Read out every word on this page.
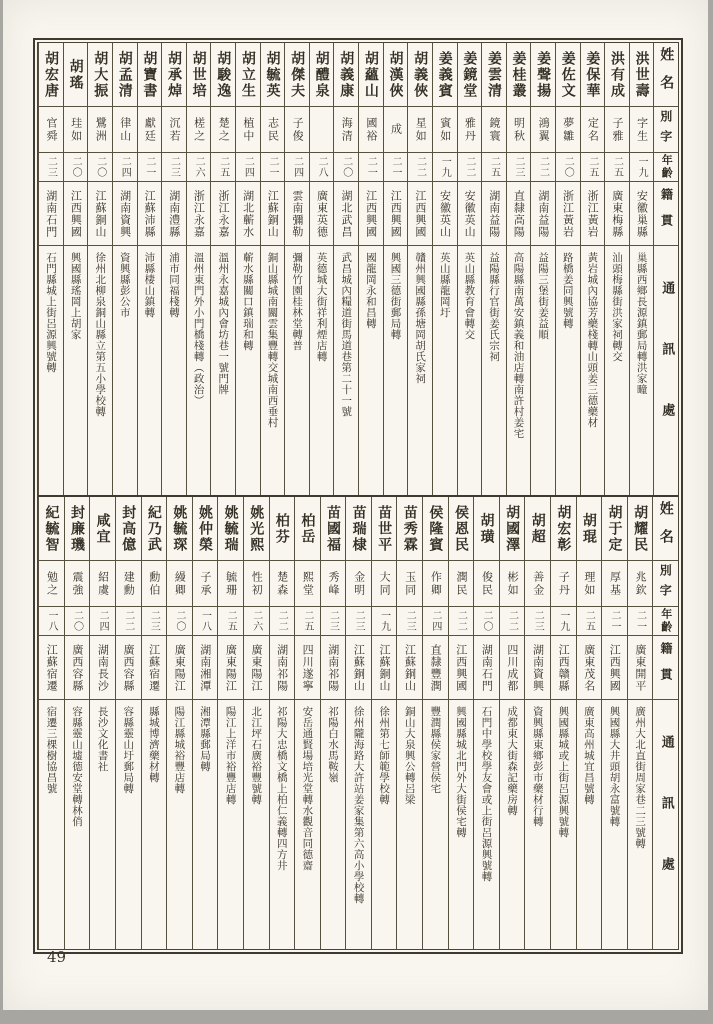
姓名
別字
年齡
籍貫
通訊處
洪世壽
字生
一九
安徽巢縣
巢縣西鄉長源鎮郵局轉洪家疃
洪有成
子雅
二五
廣東梅縣
汕頭梅縣街洪家祠轉交
姜保華
定名
二五
浙江黃岩
黃岩城內協芳藥棧轉山頭姜三德藥材
姜佐文
夢雛
二〇
浙江黃岩
路橋姜同興號轉
姜聲揚
鴻翼
二二
湖南益陽
益陽三堡街姜益順
姜桂叢
明秋
二三
直隸高陽
高陽縣南萬安鎮義和油店轉南許村姜宅
姜雲清
鏡寰
二五
湖南益陽
益陽縣行官街姜氏宗祠
姜鏡堂
雅丹
二二
安徽英山
英山縣教育會轉交
姜義賓
賓如
一九
安徽英山
英山縣龍岡圩
胡義俠
星如
二二
江西興國
贛州興國縣孫塘岡胡氏家祠
胡漢俠
成
二一
江西興國
興國三德街郵局轉
胡蘊山
國裕
二一
江西興國
國龍岡永和昌轉
胡義康
海清
二〇
湖北武昌
武昌城內糧道街馬道巷第二十一號
胡醴泉
二八
廣東英德
英德城大街祥利煙店轉
胡傑夫
子俊
二四
雲南彌勒
彌勒竹園桂林堂轉普
胡毓英
志民
二一
江蘇銅山
銅山縣城南關雲集豐轉交城南西垂村
胡立生
植中
二四
湖北蘄水
蘄水縣關口鎮瑞和轉
胡駿逸
楚之
二五
浙江永嘉
溫州永嘉城內會坊巷一號門牌
胡世培
槎之
二六
浙江永嘉
溫州東門外小門橋棧轉（政治）
胡承焯
沉若
二三
湖南澧縣
浦市同福棧轉
胡寶書
獻廷
二一
江蘇沛縣
沛縣棲山鎮轉
胡孟清
律山
二四
湖南資興
資興縣彭公市
胡大振
鷺洲
二〇
江蘇銅山
徐州北柳泉銅山縣立第五小學校轉
胡瑤
珪如
二〇
江西興國
興國縣瑤岡上胡家
胡宏唐
官舜
二三
湖南石門
石門縣城上街呂源興號轉
姓名
別字
年齡
籍貫
通訊處
胡耀民
兆欽
二一
廣東開平
廣州大北直街周家巷二三號轉
胡于定
厚基
二一
江西興國
興國縣大井頭胡永富號轉
胡琨
理如
二五
廣東茂名
廣東高州城宜昌號轉
胡宏彰
子丹
一九
江西贛縣
興國縣城或上街呂源興號轉
胡超
善金
二三
湖南資興
資興縣東鄉彭市藥材行轉
胡國澤
彬如
二二
四川成都
成都東大街森記藥房轉
胡璜
俊民
二〇
湖南石門
石門中學校學友會或上街呂源興號轉
侯恩民
潤民
二二
江西興國
興國縣城北門外大街侯宅轉
侯隆賓
作卿
二四
直隸豐潤
豐潤縣侯家營侯宅
苗秀霖
玉同
二三
江蘇銅山
銅山大泉興公轉呂梁
苗世平
大同
一九
江蘇銅山
徐州第七師範學校轉
苗瑞棣
金明
二三
江蘇銅山
徐州隴海路大許站姜家集第六高小學校轉
苗國福
秀峰
二三
湖南祁陽
祁陽白水馬鞍嶺
柏岳
熙堂
二五
四川遂寧
安岳通賢場培光堂轉水觀音同德齋
柏芬
楚森
二二
湖南祁陽
祁陽大忠橋文橋上柏仁義轉四方井
姚光熙
性初
二六
廣東陽江
北江坪石廣裕豐號轉
姚毓瑞
毓珊
二五
廣東陽江
陽江上洋市裕豐店轉
姚仲榮
子承
一八
湖南湘潭
湘潭縣郵局轉
姚毓琛
縵卿
二〇
廣東陽江
陽江縣城裕豐店轉
紀乃武
勳伯
二三
江蘇宿遷
縣城博濟藥材轉
封高億
建勳
二二
廣西容縣
容縣靈山圩郵局轉
咸宜
紹虞
二四
湖南長沙
長沙文化書社
封廉璣
震強
二〇
廣西容縣
容縣靈山墟德安堂轉林俏
紀毓智
勉之
一八
江蘇宿遷
宿遷三棵樹協昌號
49
